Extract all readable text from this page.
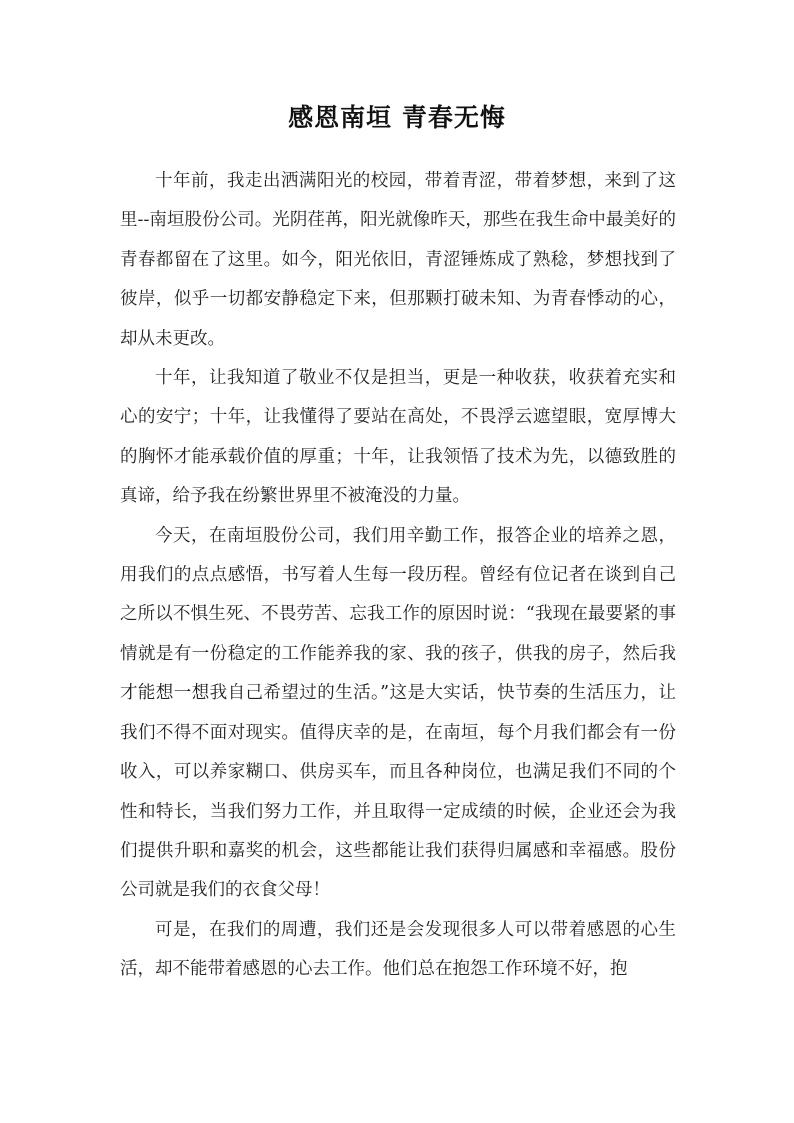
感恩南垣 青春无悔

十年前，我走出洒满阳光的校园，带着青涩，带着梦想，来到了这里--南垣股份公司。光阴荏苒，阳光就像昨天，那些在我生命中最美好的青春都留在了这里。如今，阳光依旧，青涩锤炼成了熟稔，梦想找到了彼岸，似乎一切都安静稳定下来，但那颗打破未知、为青春悸动的心，却从未更改。

十年，让我知道了敬业不仅是担当，更是一种收获，收获着充实和心的安宁；十年，让我懂得了要站在高处，不畏浮云遮望眼，宽厚博大的胸怀才能承载价值的厚重；十年，让我领悟了技术为先，以德致胜的真谛，给予我在纷繁世界里不被淹没的力量。

今天，在南垣股份公司，我们用辛勤工作，报答企业的培养之恩，用我们的点点感悟，书写着人生每一段历程。曾经有位记者在谈到自己之所以不惧生死、不畏劳苦、忘我工作的原因时说：“我现在最要紧的事情就是有一份稳定的工作能养我的家、我的孩子，供我的房子，然后我才能想一想我自己希望过的生活。”这是大实话，快节奏的生活压力，让我们不得不面对现实。值得庆幸的是，在南垣，每个月我们都会有一份收入，可以养家糊口、供房买车，而且各种岗位，也满足我们不同的个性和特长，当我们努力工作，并且取得一定成绩的时候，企业还会为我们提供升职和嘉奖的机会，这些都能让我们获得归属感和幸福感。股份公司就是我们的衣食父母！

可是，在我们的周遭，我们还是会发现很多人可以带着感恩的心生活，却不能带着感恩的心去工作。他们总在抱怨工作环境不好，抱
